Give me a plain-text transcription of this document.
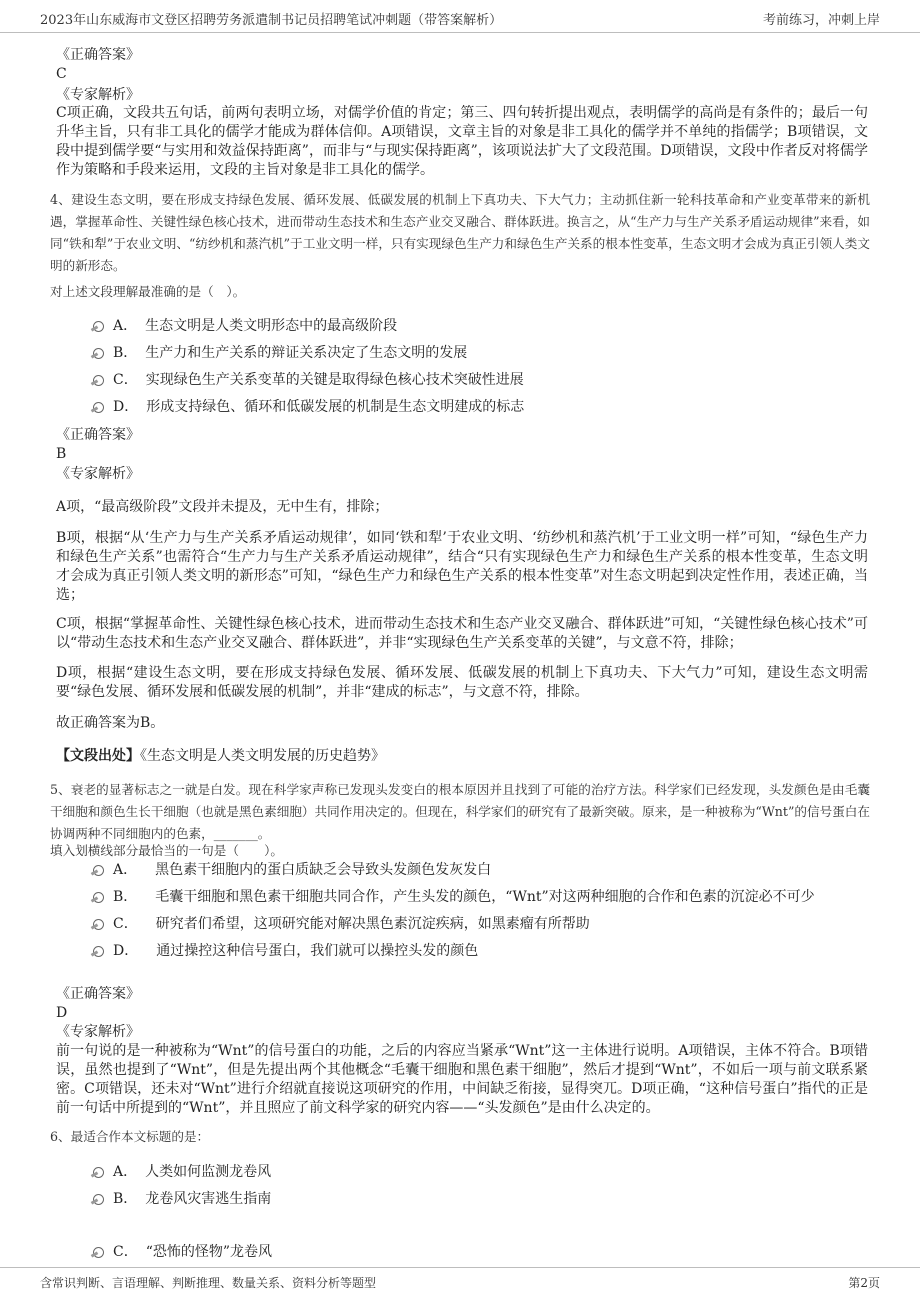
2023年山东威海市文登区招聘劳务派遣制书记员招聘笔试冲刺题（带答案解析）	考前练习，冲刺上岸
《正确答案》
C
《专家解析》
C项正确，文段共五句话，前两句表明立场，对儒学价值的肯定；第三、四句转折提出观点，表明儒学的高尚是有条件的；最后一句升华主旨，只有非工具化的儒学才能成为群体信仰。A项错误，文章主旨的对象是非工具化的儒学并不单纯的指儒学；B项错误，文段中提到儒学要“与实用和效益保持距离”，而非与“与现实保持距离”，该项说法扩大了文段范围。D项错误，文段中作者反对将儒学作为策略和手段来运用，文段的主旨对象是非工具化的儒学。
4、建设生态文明，要在形成支持绿色发展、循环发展、低碳发展的机制上下真功夫、下大气力；主动抓住新一轮科技革命和产业变革带来的新机遇，掌握革命性、关键性绿色核心技术，进而带动生态技术和生态产业交叉融合、群体跃进。换言之，从“生产力与生产关系矛盾运动规律”来看，如同“铁和犁”于农业文明、“纺纱机和蒸汽机”于工业文明一样，只有实现绿色生产力和绿色生产关系的根本性变革，生态文明才会成为真正引领人类文明的新形态。
对上述文段理解最准确的是（　）。
A． 生态文明是人类文明形态中的最高级阶段
B． 生产力和生产关系的辩证关系决定了生态文明的发展
C． 实现绿色生产关系变革的关键是取得绿色核心技术突破性进展
D． 形成支持绿色、循环和低碳发展的机制是生态文明建成的标志
《正确答案》
B
《专家解析》
A项，“最高级阶段”文段并未提及，无中生有，排除；
B项，根据“从‘生产力与生产关系矛盾运动规律’，如同‘铁和犁’于农业文明、‘纺纱机和蒸汽机’于工业文明一样”可知，“绿色生产力和绿色生产关系”也需符合“生产力与生产关系矛盾运动规律”，结合“只有实现绿色生产力和绿色生产关系的根本性变革，生态文明才会成为真正引领人类文明的新形态”可知，“绿色生产力和绿色生产关系的根本性变革”对生态文明起到决定性作用，表述正确，当选；
C项，根据“掌握革命性、关键性绿色核心技术，进而带动生态技术和生态产业交叉融合、群体跃进”可知，“关键性绿色核心技术”可以“带动生态技术和生态产业交叉融合、群体跃进”，并非“实现绿色生产关系变革的关键”，与文意不符，排除；
D项，根据“建设生态文明，要在形成支持绿色发展、循环发展、低碳发展的机制上下真功夫、下大气力”可知，建设生态文明需要“绿色发展、循环发展和低碳发展的机制”，并非“建成的标志”，与文意不符，排除。
故正确答案为B。
【文段出处】《生态文明是人类文明发展的历史趋势》
5、衰老的显著标志之一就是白发。现在科学家声称已发现头发变白的根本原因并且找到了可能的治疗方法。科学家们已经发现，头发颜色是由毛囊干细胞和颜色生长干细胞（也就是黑色素细胞）共同作用决定的。但现在，科学家们的研究有了最新突破。原来，是一种被称为“Wnt”的信号蛋白在协调两种不同细胞内的色素，_______。
填入划横线部分最恰当的一句是（　　）。
A． 黑色素干细胞内的蛋白质缺乏会导致头发颜色发灰发白
B． 毛囊干细胞和黑色素干细胞共同合作，产生头发的颜色，“Wnt”对这两种细胞的合作和色素的沉淀必不可少
C． 研究者们希望，这项研究能对解决黑色素沉淀疾病，如黑素瘤有所帮助
D． 通过操控这种信号蛋白，我们就可以操控头发的颜色
《正确答案》
D
《专家解析》
前一句说的是一种被称为“Wnt”的信号蛋白的功能，之后的内容应当紧承“Wnt”这一主体进行说明。A项错误，主体不符合。B项错误，虽然也提到了“Wnt”，但是先提出两个其他概念“毛囊干细胞和黑色素干细胞”，然后才提到“Wnt”，不如后一项与前文联系紧密。C项错误，还未对“Wnt”进行介绍就直接说这项研究的作用，中间缺乏衔接，显得突兀。D项正确，“这种信号蛋白”指代的正是前一句话中所提到的“Wnt”，并且照应了前文科学家的研究内容——“头发颜色”是由什么决定的。
6、最适合作本文标题的是：
A． 人类如何监测龙卷风
B． 龙卷风灾害逃生指南
C． “恐怖的怪物”龙卷风
含常识判断、言语理解、判断推理、数量关系、资料分析等题型	第2页
